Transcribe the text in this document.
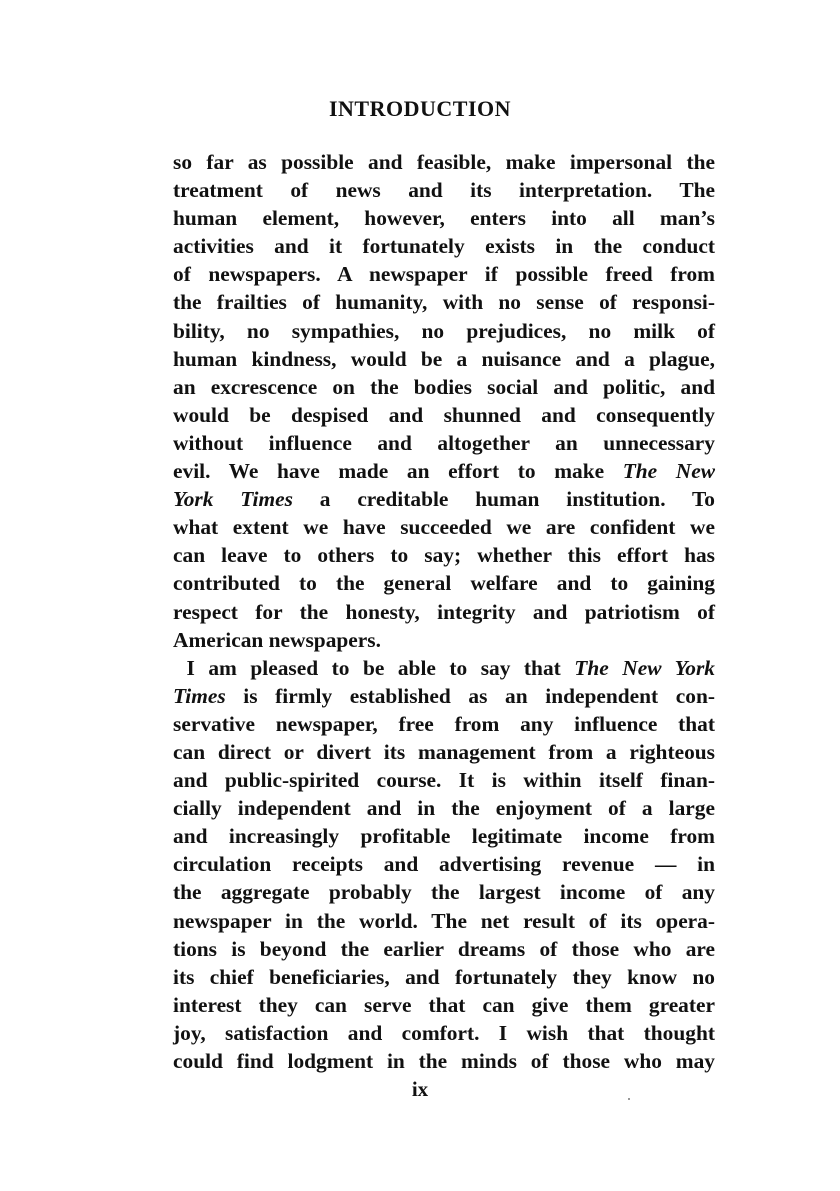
INTRODUCTION
so far as possible and feasible, make impersonal the
treatment of news and its interpretation. The
human element, however, enters into all man’s
activities and it fortunately exists in the conduct
of newspapers. A newspaper if possible freed from
the frailties of humanity, with no sense of responsi-
bility, no sympathies, no prejudices, no milk of
human kindness, would be a nuisance and a plague,
an excrescence on the bodies social and politic, and
would be despised and shunned and consequently
without influence and altogether an unnecessary
evil. We have made an effort to make The New
York Times a creditable human institution. To
what extent we have succeeded we are confident we
can leave to others to say; whether this effort has
contributed to the general welfare and to gaining
respect for the honesty, integrity and patriotism of
American newspapers.
I am pleased to be able to say that The New York
Times is firmly established as an independent con-
servative newspaper, free from any influence that
can direct or divert its management from a righteous
and public-spirited course. It is within itself finan-
cially independent and in the enjoyment of a large
and increasingly profitable legitimate income from
circulation receipts and advertising revenue — in
the aggregate probably the largest income of any
newspaper in the world. The net result of its opera-
tions is beyond the earlier dreams of those who are
its chief beneficiaries, and fortunately they know no
interest they can serve that can give them greater
joy, satisfaction and comfort. I wish that thought
could find lodgment in the minds of those who may
ix
